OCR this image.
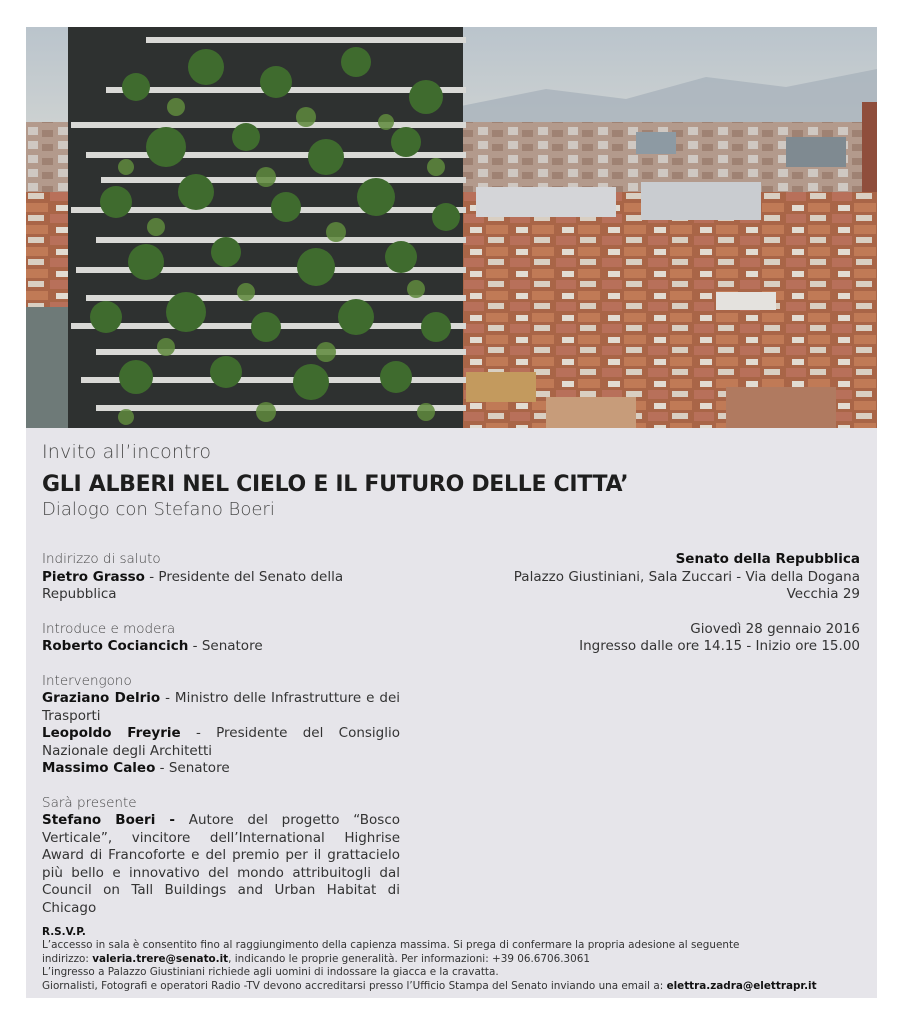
Invito all’incontro
GLI ALBERI NEL CIELO E IL FUTURO DELLE CITTA’
Dialogo con Stefano Boeri
Indirizzo di saluto
Pietro Grasso - Presidente del Senato della Repubblica
Introduce e modera
Roberto Cociancich - Senatore
Intervengono
Graziano Delrio - Ministro delle Infrastrutture e dei Trasporti
Leopoldo Freyrie - Presidente del Consiglio Nazionale degli Architetti
Massimo Caleo - Senatore
Sarà presente
Stefano Boeri - Autore del progetto “Bosco Verticale”, vincitore dell’International Highrise Award di Francoforte e del premio per il grattacielo più bello e innovativo del mondo attribuitogli dal Council on Tall Buildings and Urban Habitat di Chicago
Senato della Repubblica
Palazzo Giustiniani, Sala Zuccari - Via della Dogana
Vecchia 29
Giovedì 28 gennaio 2016
Ingresso dalle ore 14.15 - Inizio ore 15.00
R.S.V.P.
L’accesso in sala è consentito fino al raggiungimento della capienza massima. Si prega di confermare la propria adesione al seguente
indirizzo: valeria.trere@senato.it, indicando le proprie generalità. Per informazioni: +39 06.6706.3061
L’ingresso a Palazzo Giustiniani richiede agli uomini di indossare la giacca e la cravatta.
Giornalisti, Fotografi e operatori Radio -TV devono accreditarsi presso l’Ufficio Stampa del Senato inviando una email a: elettra.zadra@elettrapr.it
